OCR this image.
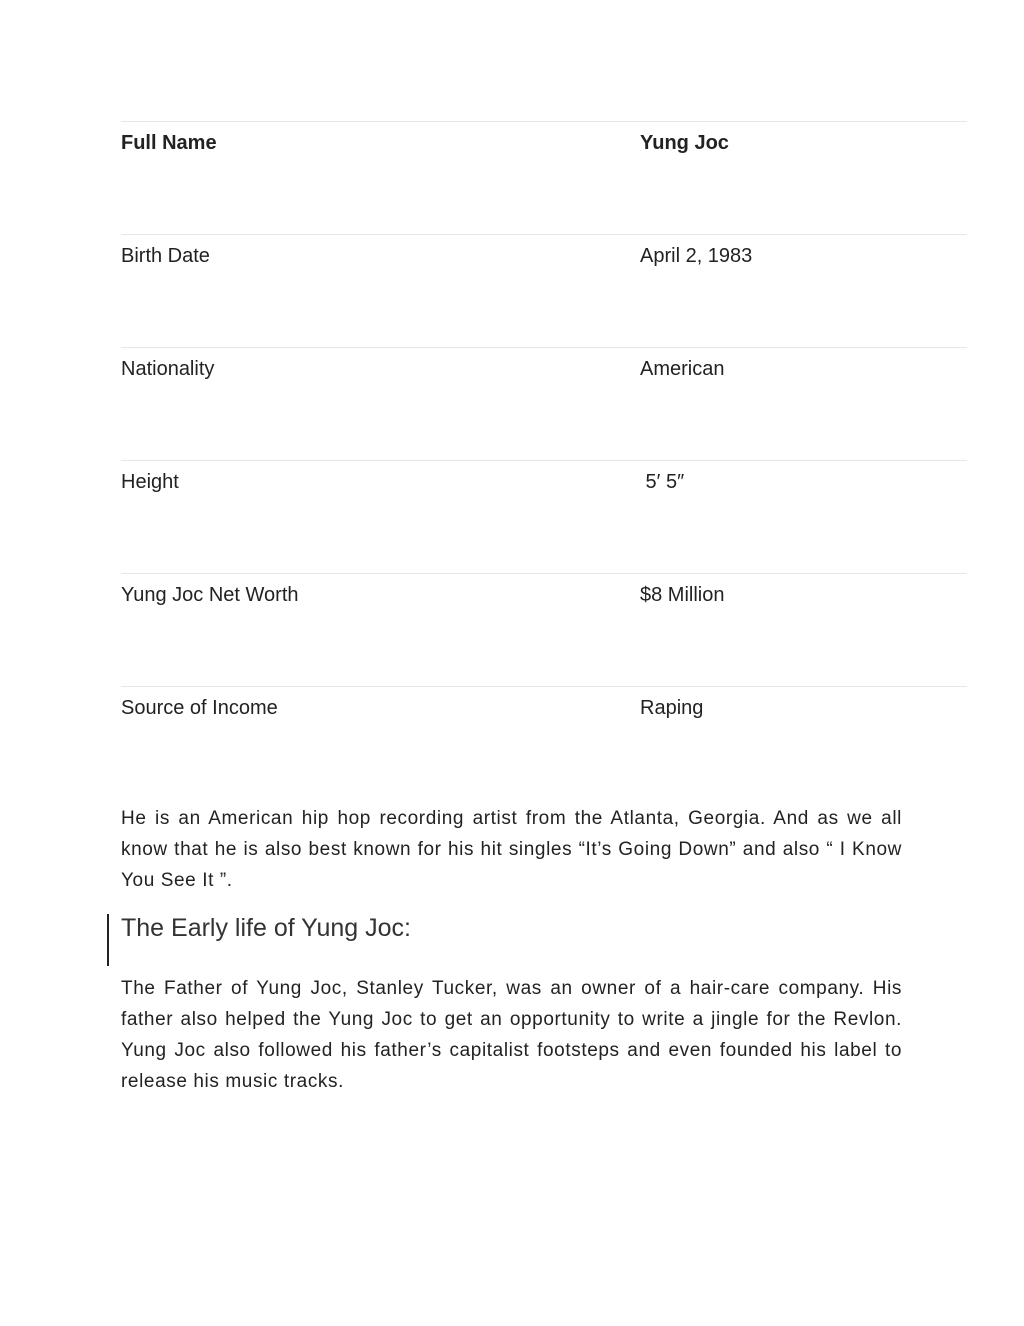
Full Name	Yung Joc
Birth Date	April 2, 1983
Nationality	American
Height	5′ 5″
Yung Joc Net Worth	$8 Million
Source of Income	Raping

He is an American hip hop recording artist from the Atlanta, Georgia. And as we all know that he is also best known for his hit singles “It’s Going Down” and also “ I Know You See It ”.

The Early life of Yung Joc:

The Father of Yung Joc, Stanley Tucker, was an owner of a hair-care company. His father also helped the Yung Joc to get an opportunity to write a jingle for the Revlon. Yung Joc also followed his father’s capitalist footsteps and even founded his label to release his music tracks.
